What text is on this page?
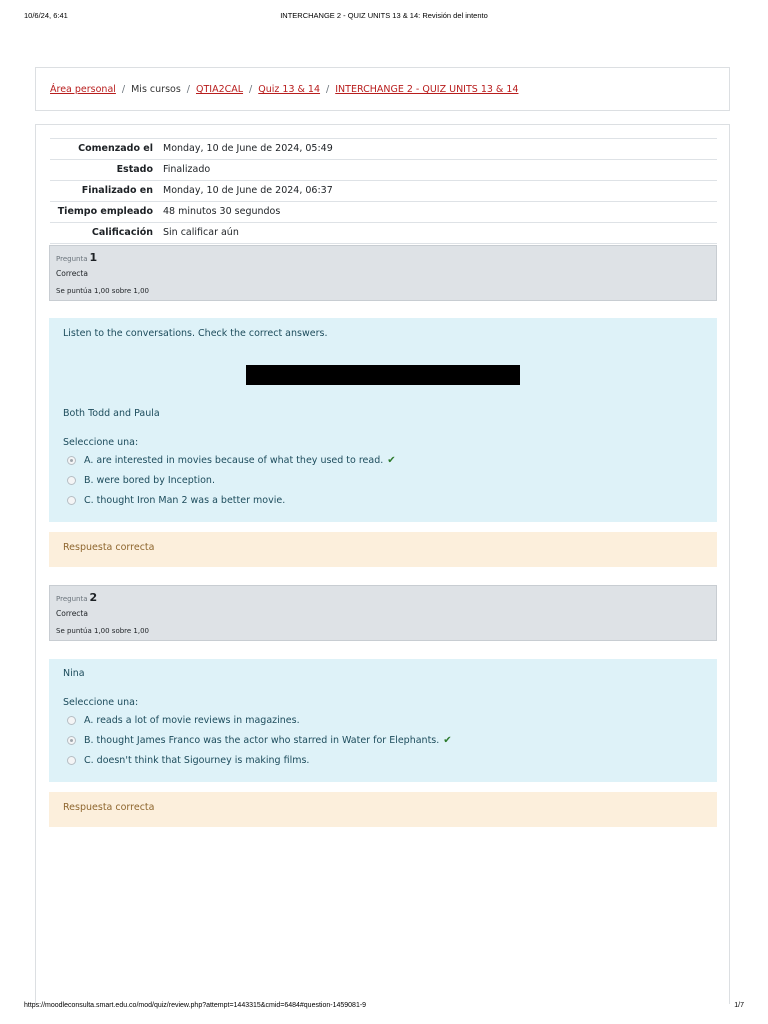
10/6/24, 6:41	INTERCHANGE 2 - QUIZ UNITS 13 & 14: Revisión del intento
Área personal / Mis cursos / QTIA2CAL / Quiz 13 & 14 / INTERCHANGE 2 - QUIZ UNITS 13 & 14
Comenzado el	Monday, 10 de June de 2024, 05:49
Estado	Finalizado
Finalizado en	Monday, 10 de June de 2024, 06:37
Tiempo empleado	48 minutos 30 segundos
Calificación	Sin calificar aún
Pregunta 1
Correcta
Se puntúa 1,00 sobre 1,00
Listen to the conversations. Check the correct answers.
Both Todd and Paula
Seleccione una:
A. are interested in movies because of what they used to read. ✔
B. were bored by Inception.
C. thought Iron Man 2 was a better movie.
Respuesta correcta
Pregunta 2
Correcta
Se puntúa 1,00 sobre 1,00
Nina
Seleccione una:
A. reads a lot of movie reviews in magazines.
B. thought James Franco was the actor who starred in Water for Elephants. ✔
C. doesn't think that Sigourney is making films.
Respuesta correcta
https://moodleconsulta.smart.edu.co/mod/quiz/review.php?attempt=1443315&cmid=6484#question-1459081-9	1/7
